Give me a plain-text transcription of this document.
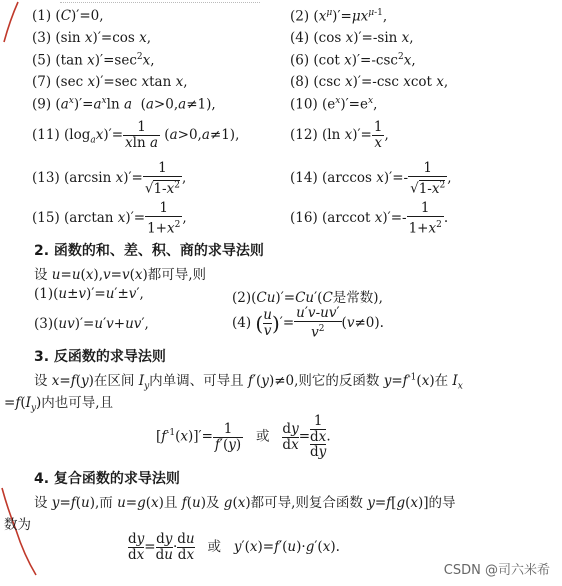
(1) (C)′=0,	(2) $(x^\mu)'=\mu x^{\mu-1}$,
(3) (sin x)′=cos x,	(4) (cos x)′=-sin x,
(5) (tan $x)'=\sec^2x$,	(6) (cot $x)'=-\csc^2x$,
(7) (sec x)′=sec xtan x,	(8) (csc x)′=-csc xcot x,
(9) $(a^x)'=a^x\ln$ a  (a>0,a≠1),	(10) $(e^x)'=e^x$,
(11) $(\log_ax)'= \frac{1}{\text{xln a}} (a>0,a\ne 1)$,	(12) (ln $x)'= \frac{1}{x}$ ,
(13) (arcsin $x)'= \frac{1}{√1-x^2}$ ,	(14) (arccos $x)'=- \frac{1}{√1-x^2}$ ,
(15) (arctan $x)'= \frac{1}{1+x^2}$ ,	(16) (arccot $x)'=- \frac{1}{1+x^2}$ .
2. 函数的和、差、积、商的求导法则
设 u=u(x),v=v(x)都可导,则
(1)(u±v)′=u′±v′,	(2)(Cu)′=Cu′(C是常数),
(3)(uv)′=u′v+uv′,	(4) ( $\frac{u}{v}$ )′= $\frac{u'v-uv'}{v^2} (v\ne 0)$.
3. 反函数的求导法则
设 x=f(y)在区间 $I_y$内单调、可导且 f′(y)≠0,则它的反函数 $y=f^{-1}(x)$在 $I_x$
$=f(I_y)$内也可导,且
$[f^{-1}(x)]'= \frac{1}{f'(y)}$ 或 $\frac{dy}{dx}$ =
1
$\frac{dx}{dy}$ .
4. 复合函数的求导法则
设 y=f(u),而 u=g(x)且 f(u)及 g(x)都可导,则复合函数 y=f[g(x)]的导
数为
$\frac{dy}{dx} = \frac{dy}{du} \cdot \frac{du}{dx}$ 或   y′(x)=f′(u)·g′(x).
CSDN @司六米希
